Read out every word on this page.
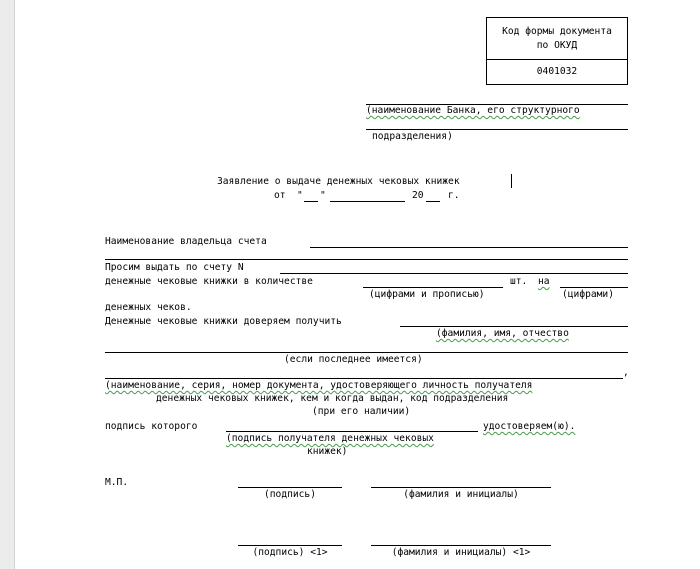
Код формы документа
по ОКУД
0401032
(наименование Банка, его структурного
подразделения)
Заявление о выдаче денежных чековых книжек
от " "	20	г.
Наименование владельца счета
Просим выдать по счету N
денежные чековые книжки в количестве	шт. на
(цифрами и прописью)	(цифрами)
денежных чеков.
Денежные чековые книжки доверяем получить
(фамилия, имя, отчество
(если последнее имеется)
,
(наименование, серия, номер документа, удостоверяющего личность получателя
денежных чековых книжек, кем и когда выдан, код подразделения
(при его наличии)
подпись которого	удостоверяем(ю).
(подпись получателя денежных чековых
книжек)
М.П.
(подпись)	(фамилия и инициалы)
(подпись) <1>	(фамилия и инициалы) <1>
